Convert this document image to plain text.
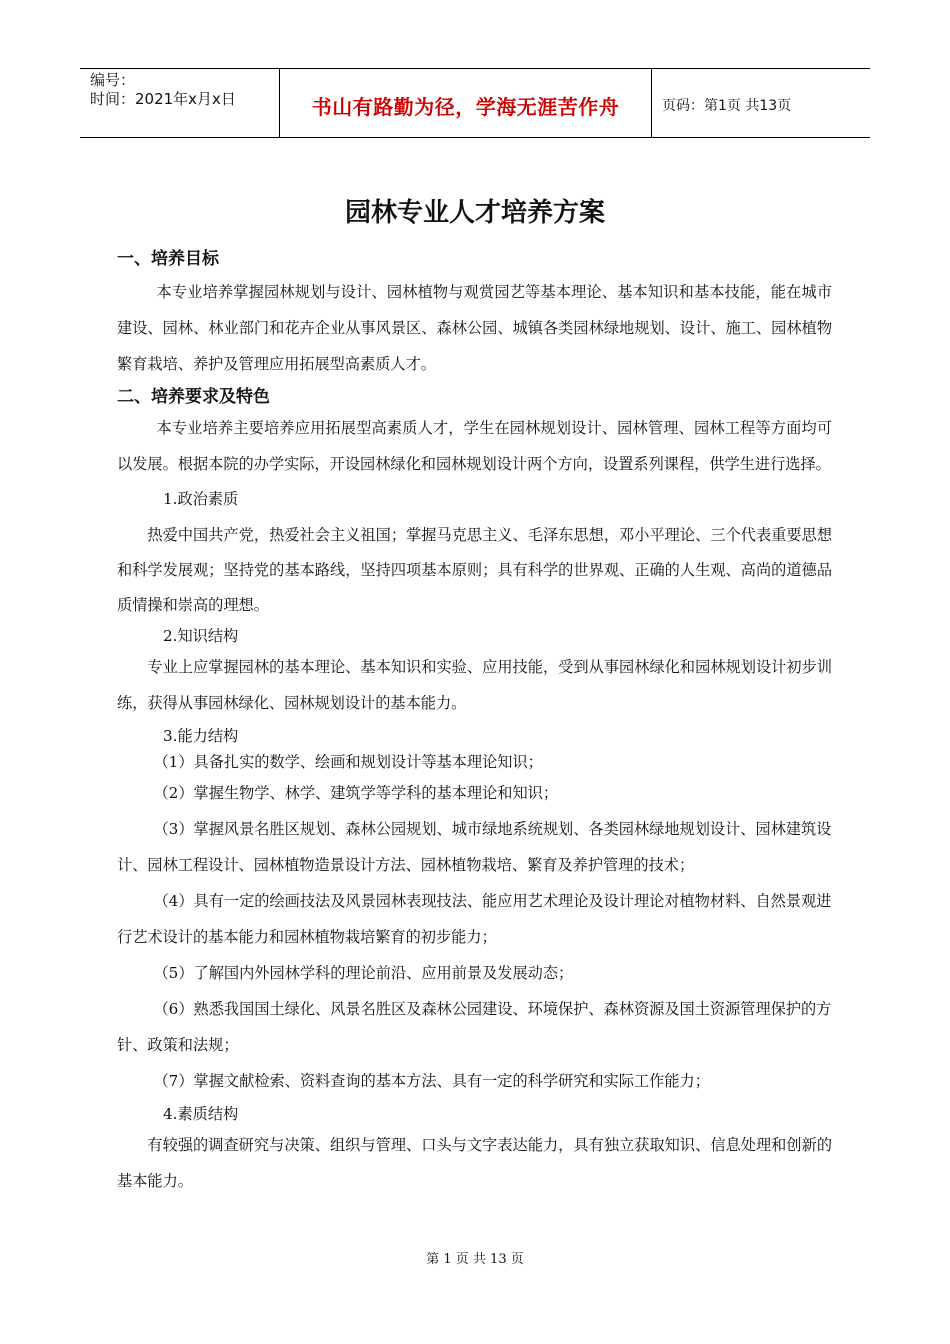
编号：
时间：2021年x月x日	书山有路勤为径，学海无涯苦作舟	页码：第1页 共13页
园林专业人才培养方案

一、培养目标

本专业培养掌握园林规划与设计、园林植物与观赏园艺等基本理论、基本知识和基本技能，能在城市建设、园林、林业部门和花卉企业从事风景区、森林公园、城镇各类园林绿地规划、设计、施工、园林植物繁育栽培、养护及管理应用拓展型高素质人才。

二、培养要求及特色

本专业培养主要培养应用拓展型高素质人才，学生在园林规划设计、园林管理、园林工程等方面均可以发展。根据本院的办学实际，开设园林绿化和园林规划设计两个方向，设置系列课程，供学生进行选择。

1.政治素质

热爱中国共产党，热爱社会主义祖国；掌握马克思主义、毛泽东思想，邓小平理论、三个代表重要思想和科学发展观；坚持党的基本路线，坚持四项基本原则；具有科学的世界观、正确的人生观、高尚的道德品质情操和崇高的理想。

2.知识结构

专业上应掌握园林的基本理论、基本知识和实验、应用技能，受到从事园林绿化和园林规划设计初步训练，获得从事园林绿化、园林规划设计的基本能力。

3.能力结构

（1）具备扎实的数学、绘画和规划设计等基本理论知识；

（2）掌握生物学、林学、建筑学等学科的基本理论和知识；

（3）掌握风景名胜区规划、森林公园规划、城市绿地系统规划、各类园林绿地规划设计、园林建筑设计、园林工程设计、园林植物造景设计方法、园林植物栽培、繁育及养护管理的技术；

（4）具有一定的绘画技法及风景园林表现技法、能应用艺术理论及设计理论对植物材料、自然景观进行艺术设计的基本能力和园林植物栽培繁育的初步能力；

（5）了解国内外园林学科的理论前沿、应用前景及发展动态；

（6）熟悉我国国土绿化、风景名胜区及森林公园建设、环境保护、森林资源及国土资源管理保护的方针、政策和法规；

（7）掌握文献检索、资料查询的基本方法、具有一定的科学研究和实际工作能力；

4.素质结构

有较强的调查研究与决策、组织与管理、口头与文字表达能力，具有独立获取知识、信息处理和创新的基本能力。

第 1 页 共 13 页
